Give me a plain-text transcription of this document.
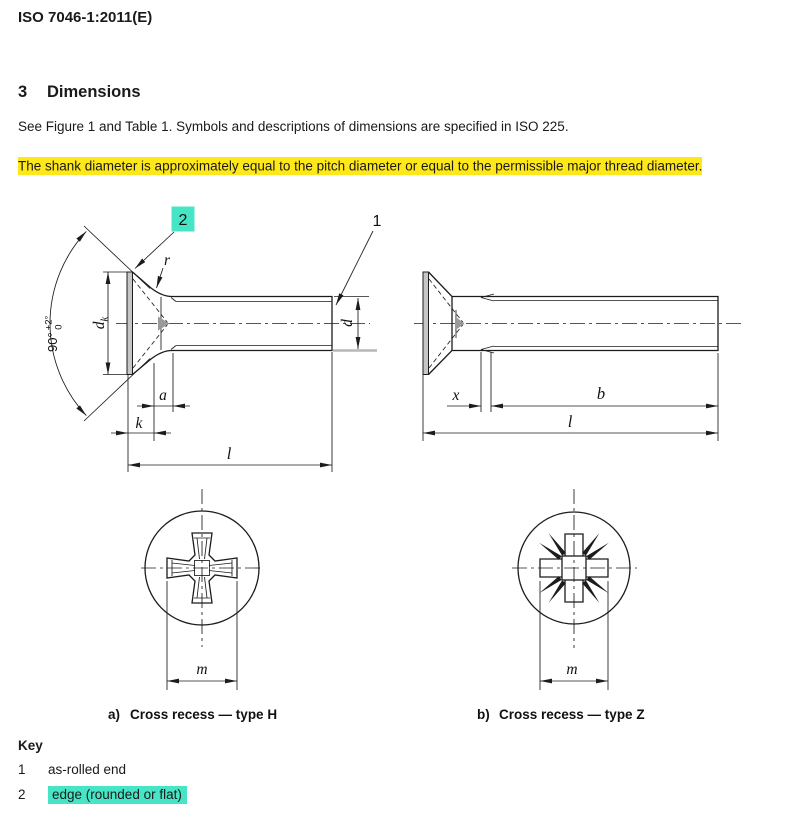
ISO 7046-1:2011(E)
3 Dimensions
See Figure 1 and Table 1. Symbols and descriptions of dimensions are specified in ISO 225.
The shank diameter is approximately equal to the pitch diameter or equal to the permissible major thread diameter.
90°$^{+2^\circ}$0 $d_k$	d
a
k
l
2	1
r
x	b
l
m	m
a) Cross recess — type H	b) Cross recess — type Z
Key
1	as-rolled end
2	edge (rounded or flat)
